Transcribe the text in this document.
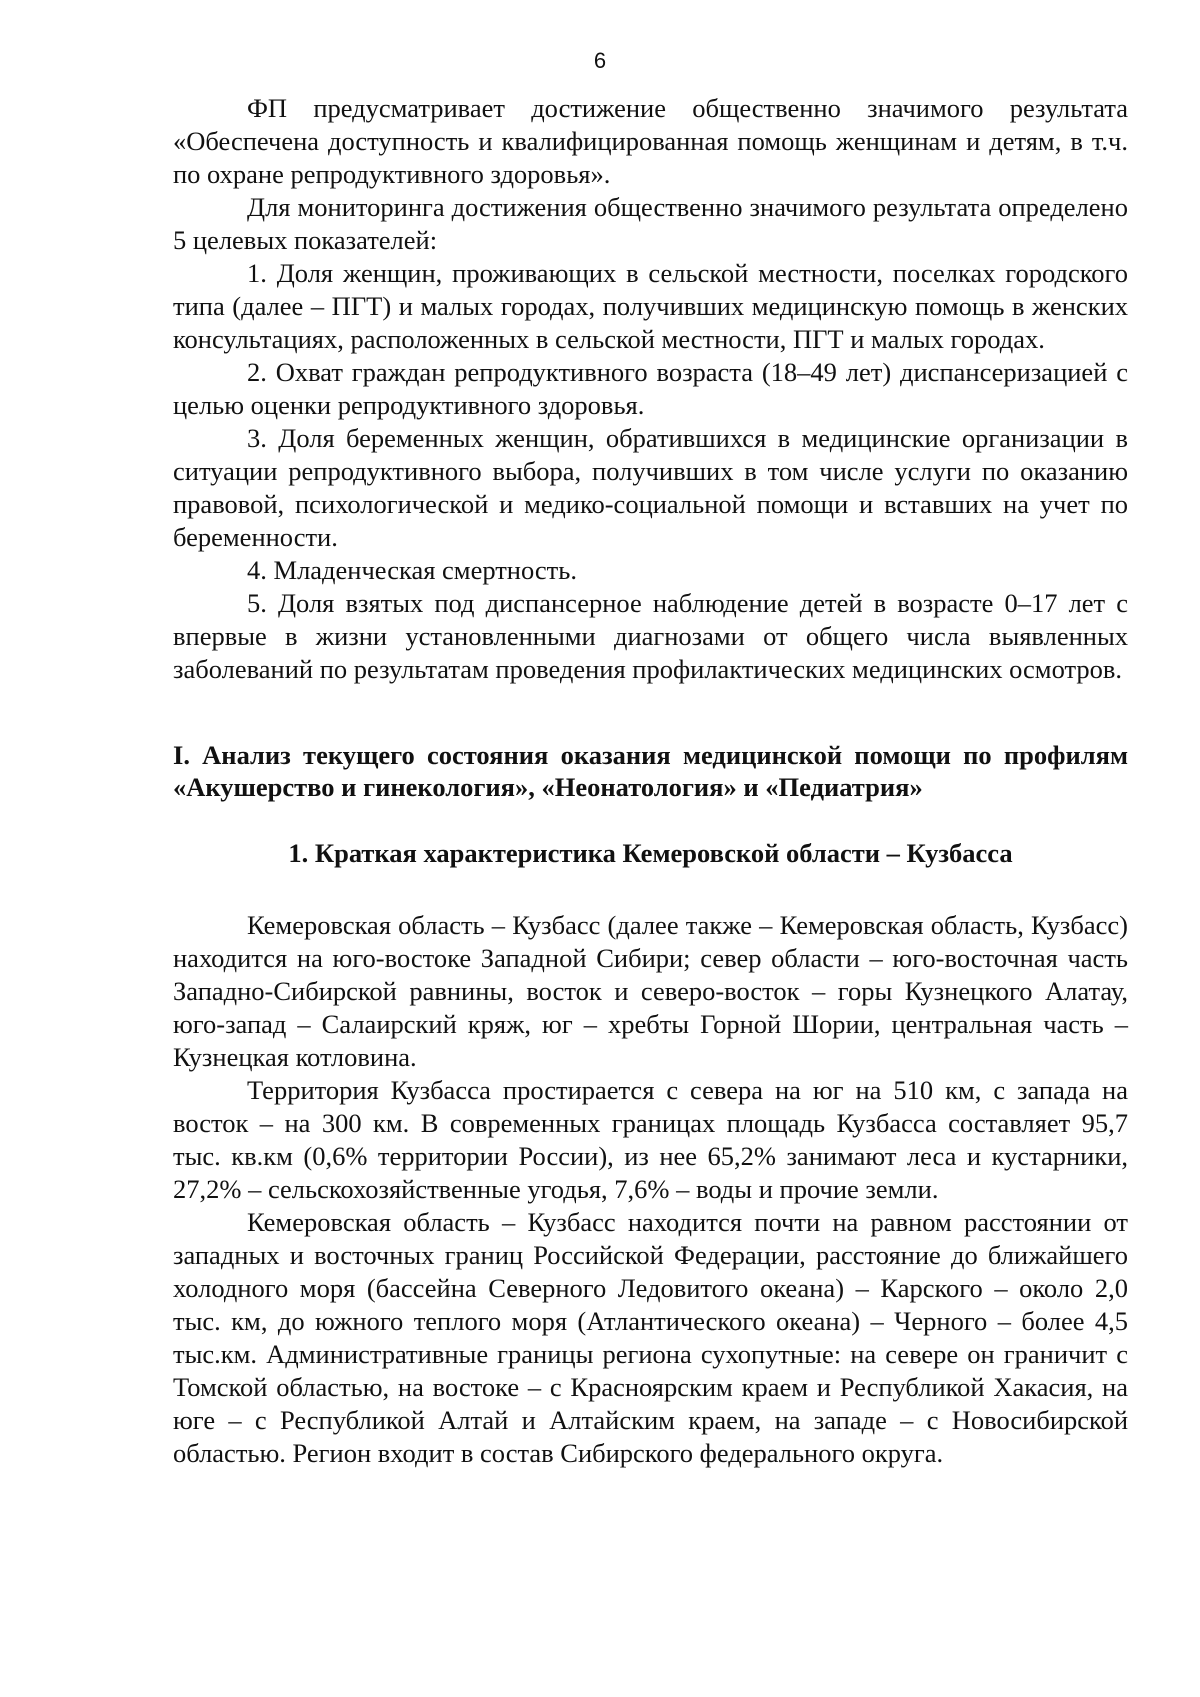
6

ФП предусматривает достижение общественно значимого результата «Обеспечена доступность и квалифицированная помощь женщинам и детям, в т.ч. по охране репродуктивного здоровья».

Для мониторинга достижения общественно значимого результата определено 5 целевых показателей:

1. Доля женщин, проживающих в сельской местности, поселках городского типа (далее – ПГТ) и малых городах, получивших медицинскую помощь в женских консультациях, расположенных в сельской местности, ПГТ и малых городах.

2. Охват граждан репродуктивного возраста (18–49 лет) диспансеризацией с целью оценки репродуктивного здоровья.

3. Доля беременных женщин, обратившихся в медицинские организации в ситуации репродуктивного выбора, получивших в том числе услуги по оказанию правовой, психологической и медико-социальной помощи и вставших на учет по беременности.

4. Младенческая смертность.

5. Доля взятых под диспансерное наблюдение детей в возрасте 0–17 лет с впервые в жизни установленными диагнозами от общего числа выявленных заболеваний по результатам проведения профилактических медицинских осмотров.

I. Анализ текущего состояния оказания медицинской помощи по профилям «Акушерство и гинекология», «Неонатология» и «Педиатрия»

1. Краткая характеристика Кемеровской области – Кузбасса

Кемеровская область – Кузбасс (далее также – Кемеровская область, Кузбасс) находится на юго-востоке Западной Сибири; север области – юго-восточная часть Западно-Сибирской равнины, восток и северо-восток – горы Кузнецкого Алатау, юго-запад – Салаирский кряж, юг – хребты Горной Шории, центральная часть – Кузнецкая котловина.

Территория Кузбасса простирается с севера на юг на 510 км, с запада на восток – на 300 км. В современных границах площадь Кузбасса составляет 95,7 тыс. кв.км (0,6% территории России), из нее 65,2% занимают леса и кустарники, 27,2% – сельскохозяйственные угодья, 7,6% – воды и прочие земли.

Кемеровская область – Кузбасс находится почти на равном расстоянии от западных и восточных границ Российской Федерации, расстояние до ближайшего холодного моря (бассейна Северного Ледовитого океана) – Карского – около 2,0 тыс. км, до южного теплого моря (Атлантического океана) – Черного – более 4,5 тыс.км. Административные границы региона сухопутные: на севере он граничит с Томской областью, на востоке – с Красноярским краем и Республикой Хакасия, на юге – с Республикой Алтай и Алтайским краем, на западе – с Новосибирской областью. Регион входит в состав Сибирского федерального округа.
